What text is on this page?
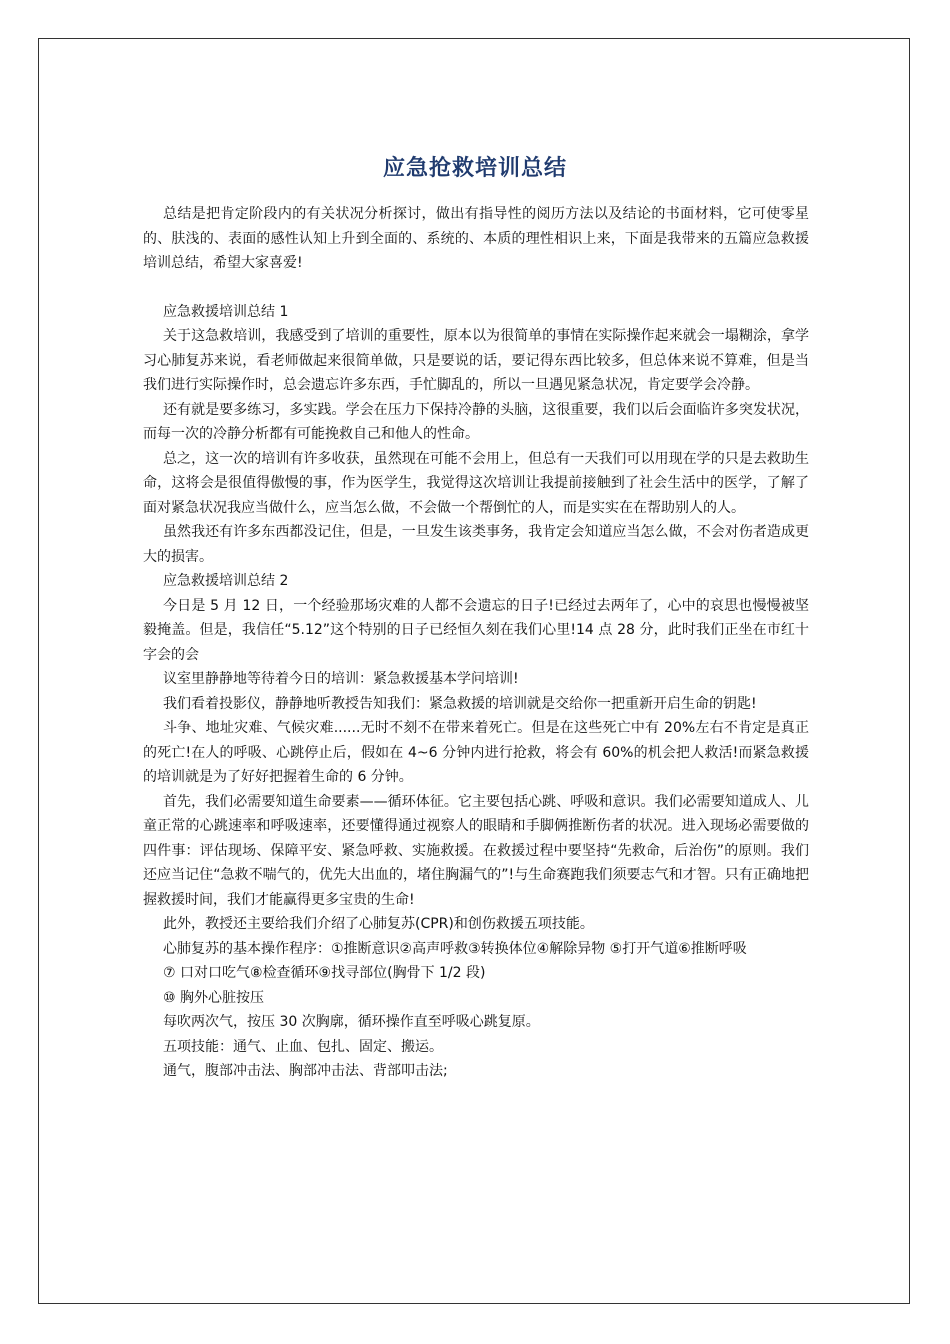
应急抢救培训总结

总结是把肯定阶段内的有关状况分析探讨，做出有指导性的阅历方法以及结论的书面材料，它可使零星的、肤浅的、表面的感性认知上升到全面的、系统的、本质的理性相识上来，下面是我带来的五篇应急救援培训总结，希望大家喜爱!

应急救援培训总结 1

关于这急救培训，我感受到了培训的重要性，原本以为很简单的事情在实际操作起来就会一塌糊涂，拿学习心肺复苏来说，看老师做起来很简单做，只是要说的话，要记得东西比较多，但总体来说不算难，但是当我们进行实际操作时，总会遗忘许多东西，手忙脚乱的，所以一旦遇见紧急状况，肯定要学会冷静。

还有就是要多练习，多实践。学会在压力下保持冷静的头脑，这很重要，我们以后会面临许多突发状况，而每一次的冷静分析都有可能挽救自己和他人的性命。

总之，这一次的培训有许多收获，虽然现在可能不会用上，但总有一天我们可以用现在学的只是去救助生命，这将会是很值得傲慢的事，作为医学生，我觉得这次培训让我提前接触到了社会生活中的医学，了解了面对紧急状况我应当做什么，应当怎么做，不会做一个帮倒忙的人，而是实实在在帮助别人的人。

虽然我还有许多东西都没记住，但是，一旦发生该类事务，我肯定会知道应当怎么做，不会对伤者造成更大的损害。

应急救援培训总结 2

今日是 5 月 12 日，一个经验那场灾难的人都不会遗忘的日子!已经过去两年了，心中的哀思也慢慢被坚毅掩盖。但是，我信任“5.12”这个特别的日子已经恒久刻在我们心里!14 点 28 分，此时我们正坐在市红十字会的会

议室里静静地等待着今日的培训：紧急救援基本学问培训!

我们看着投影仪，静静地听教授告知我们：紧急救援的培训就是交给你一把重新开启生命的钥匙!

斗争、地址灾难、气候灾难......无时不刻不在带来着死亡。但是在这些死亡中有 20%左右不肯定是真正的死亡!在人的呼吸、心跳停止后，假如在 4~6 分钟内进行抢救，将会有 60%的机会把人救活!而紧急救援的培训就是为了好好把握着生命的 6 分钟。

首先，我们必需要知道生命要素——循环体征。它主要包括心跳、呼吸和意识。我们必需要知道成人、儿童正常的心跳速率和呼吸速率，还要懂得通过视察人的眼睛和手脚俩推断伤者的状况。进入现场必需要做的四件事：评估现场、保障平安、紧急呼救、实施救援。在救援过程中要坚持“先救命，后治伤”的原则。我们还应当记住“急救不喘气的，优先大出血的，堵住胸漏气的”!与生命赛跑我们须要志气和才智。只有正确地把握救援时间，我们才能赢得更多宝贵的生命!

此外，教授还主要给我们介绍了心肺复苏(CPR)和创伤救援五项技能。

心肺复苏的基本操作程序：①推断意识②高声呼救③转换体位④解除异物 ⑤打开气道⑥推断呼吸

⑦ 口对口吃气⑧检查循环⑨找寻部位(胸骨下 1/2 段)

⑩ 胸外心脏按压

每吹两次气，按压 30 次胸廓，循环操作直至呼吸心跳复原。

五项技能：通气、止血、包扎、固定、搬运。

通气，腹部冲击法、胸部冲击法、背部叩击法;
